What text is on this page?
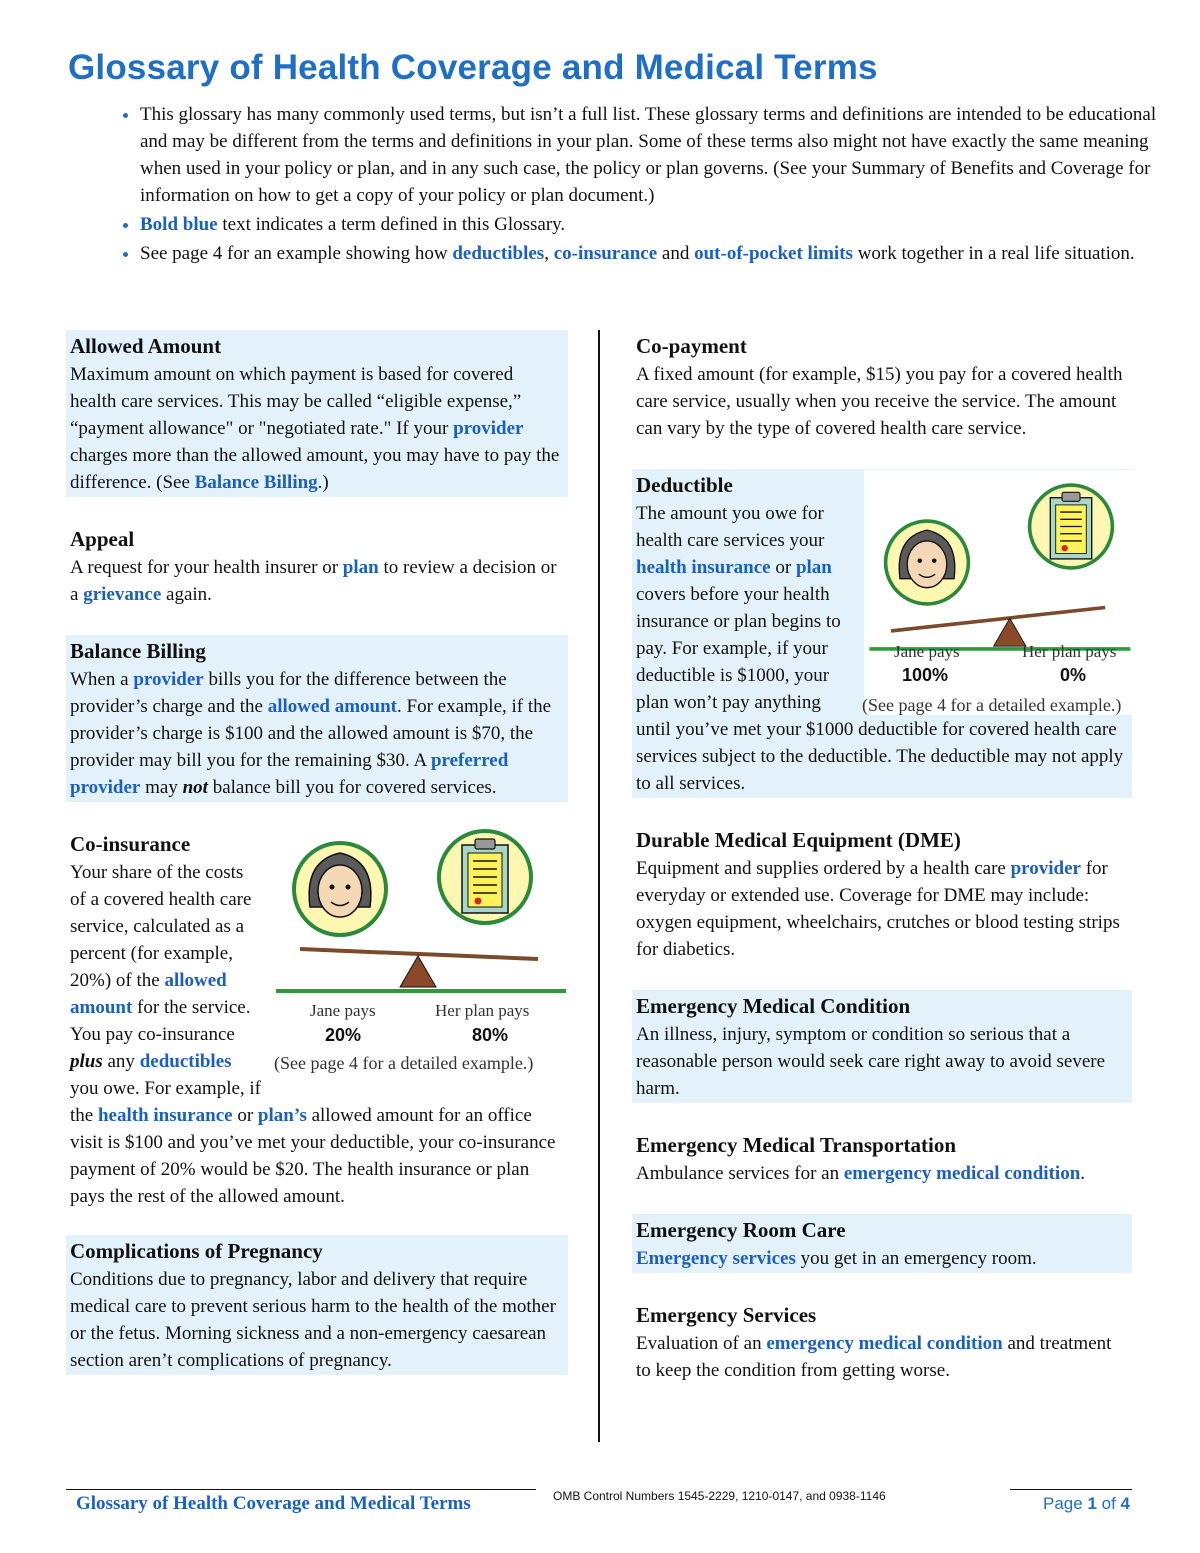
Glossary of Health Coverage and Medical Terms
• This glossary has many commonly used terms, but isn’t a full list. These glossary terms and definitions are intended to be educational and may be different from the terms and definitions in your plan. Some of these terms also might not have exactly the same meaning when used in your policy or plan, and in any such case, the policy or plan governs. (See your Summary of Benefits and Coverage for information on how to get a copy of your policy or plan document.)
• Bold blue text indicates a term defined in this Glossary.
• See page 4 for an example showing how deductibles, co-insurance and out-of-pocket limits work together in a real life situation.
Allowed Amount

Maximum amount on which payment is based for covered health care services. This may be called “eligible expense,” “payment allowance" or "negotiated rate." If your provider charges more than the allowed amount, you may have to pay the difference. (See Balance Billing.)

Appeal

A request for your health insurer or plan to review a decision or a grievance again.

Balance Billing

When a provider bills you for the difference between the provider’s charge and the allowed amount. For example, if the provider’s charge is $100 and the allowed amount is $70, the provider may bill you for the remaining $30. A preferred provider may not balance bill you for covered services.

Co-insurance
Jane pays	Her plan pays
20%	80%
(See page 4 for a detailed example.)

Your share of the costs of a covered health care service, calculated as a percent (for example, 20%) of the allowed amount for the service. You pay co-insurance plus any deductibles you owe. For example, if the health insurance or plan’s allowed amount for an office visit is $100 and you’ve met your deductible, your co-insurance payment of 20% would be $20. The health insurance or plan pays the rest of the allowed amount.

Complications of Pregnancy

Conditions due to pregnancy, labor and delivery that require medical care to prevent serious harm to the health of the mother or the fetus. Morning sickness and a non-emergency caesarean section aren’t complications of pregnancy.

Co-payment

A fixed amount (for example, $15) you pay for a covered health care service, usually when you receive the service. The amount can vary by the type of covered health care service.

Deductible
Jane pays	Her plan pays
100%	0%
(See page 4 for a detailed example.)

The amount you owe for health care services your health insurance or plan covers before your health insurance or plan begins to pay. For example, if your deductible is $1000, your plan won’t pay anything until you’ve met your $1000 deductible for covered health care services subject to the deductible. The deductible may not apply to all services.

Durable Medical Equipment (DME)

Equipment and supplies ordered by a health care provider for everyday or extended use. Coverage for DME may include: oxygen equipment, wheelchairs, crutches or blood testing strips for diabetics.

Emergency Medical Condition

An illness, injury, symptom or condition so serious that a reasonable person would seek care right away to avoid severe harm.

Emergency Medical Transportation

Ambulance services for an emergency medical condition.

Emergency Room Care

Emergency services you get in an emergency room.

Emergency Services

Evaluation of an emergency medical condition and treatment to keep the condition from getting worse.

Glossary of Health Coverage and Medical Terms	OMB Control Numbers 1545-2229, 1210-0147, and 0938-1146	Page 1 of 4
